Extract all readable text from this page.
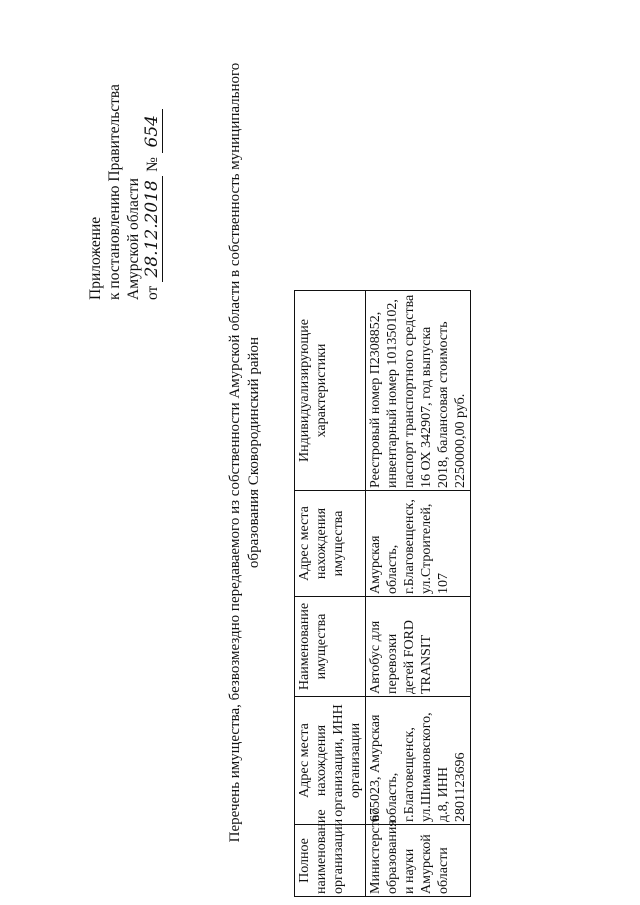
Приложение к постановлению Правительства Амурской области от 28.12.2018 № 654	Перечень имущества, безвозмездно передаваемого из собственности Амурской области в собственность муниципального образования Сковородинский район
Полное наименование организации	Адрес места нахождения организации, ИНН организации	Наименование имущества	Адрес места нахождения имущества	Индивидуализирующие характеристики
Министерство образования и науки Амурской области	675023, Амурская область, г.Благовещенск, ул.Шимановского, д.8, ИНН 2801123696	Автобус для перевозки детей FORD TRANSIT	Амурская область, г.Благовещенск, ул.Строителей, 107	Реестровый номер П2308852, инвентарный номер 101350102, паспорт транспортного средства 16 ОХ 342907, год выпуска 2018, балансовая стоимость 2250000,00 руб.
